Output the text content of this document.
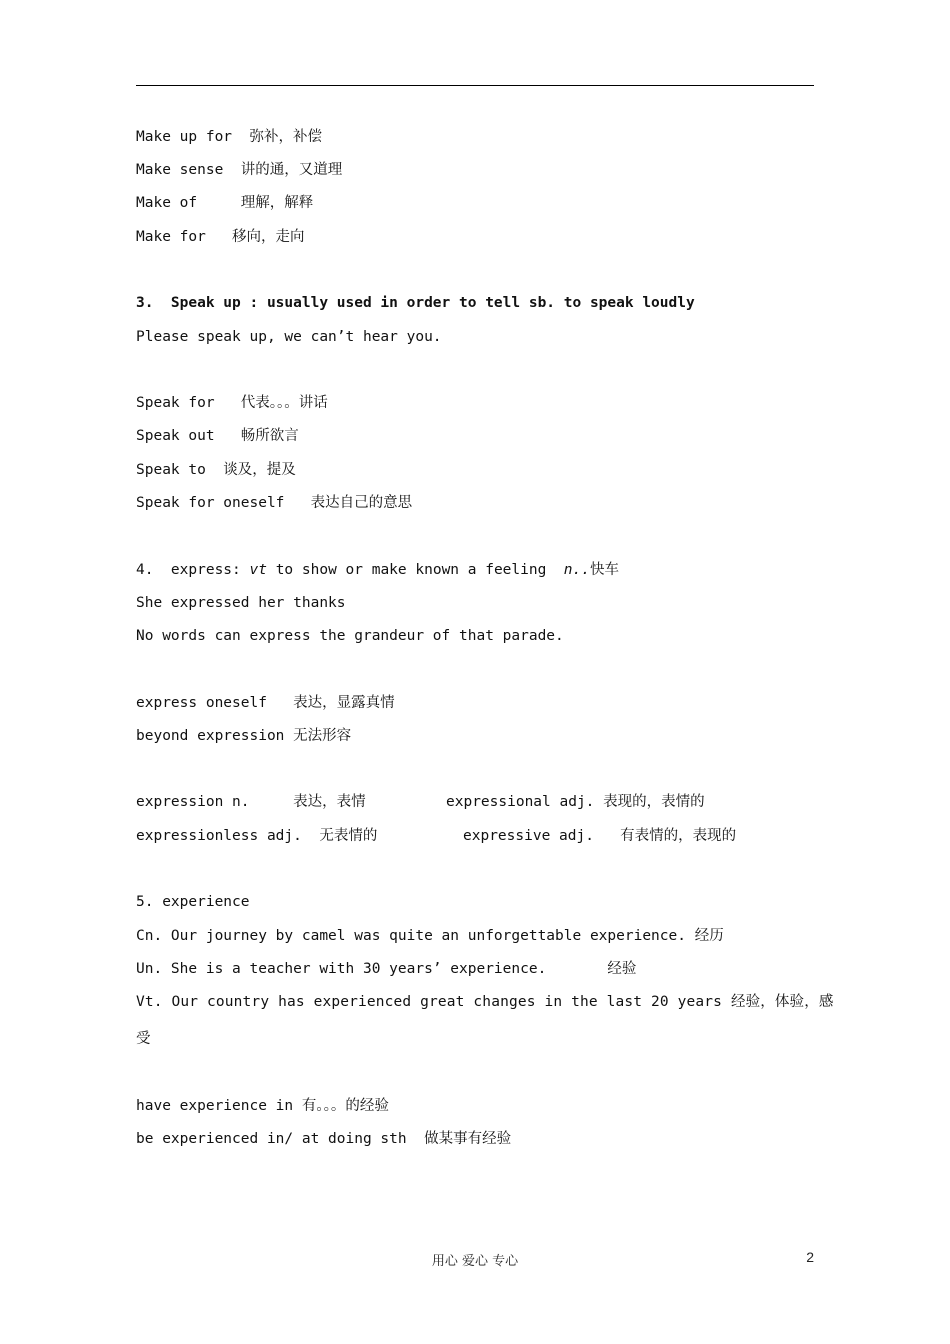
Make up for  弥补，补偿
Make sense  讲的通，又道理
Make of     理解，解释
Make for   移向，走向
3.  Speak up : usually used in order to tell sb. to speak loudly
Please speak up, we can’t hear you.
Speak for   代表。。。讲话
Speak out   畅所欲言
Speak to  谈及，提及
Speak for oneself   表达自己的意思
4.  express: vt to show or make known a feeling  n..快车
She expressed her thanks
No words can express the grandeur of that parade.
express oneself   表达，显露真情
beyond expression 无法形容
expression n.     表达，表情	expressional adj. 表现的，表情的
expressionless adj.  无表情的	expressive adj.   有表情的，表现的
5. experience
Cn. Our journey by camel was quite an unforgettable experience. 经历
Un. She is a teacher with 30 years’ experience.       经验
Vt. Our country has experienced great changes in the last 20 years 经验，体验，感
受
have experience in 有。。。的经验
be experienced in/ at doing sth  做某事有经验
用心 爱心 专心	2
